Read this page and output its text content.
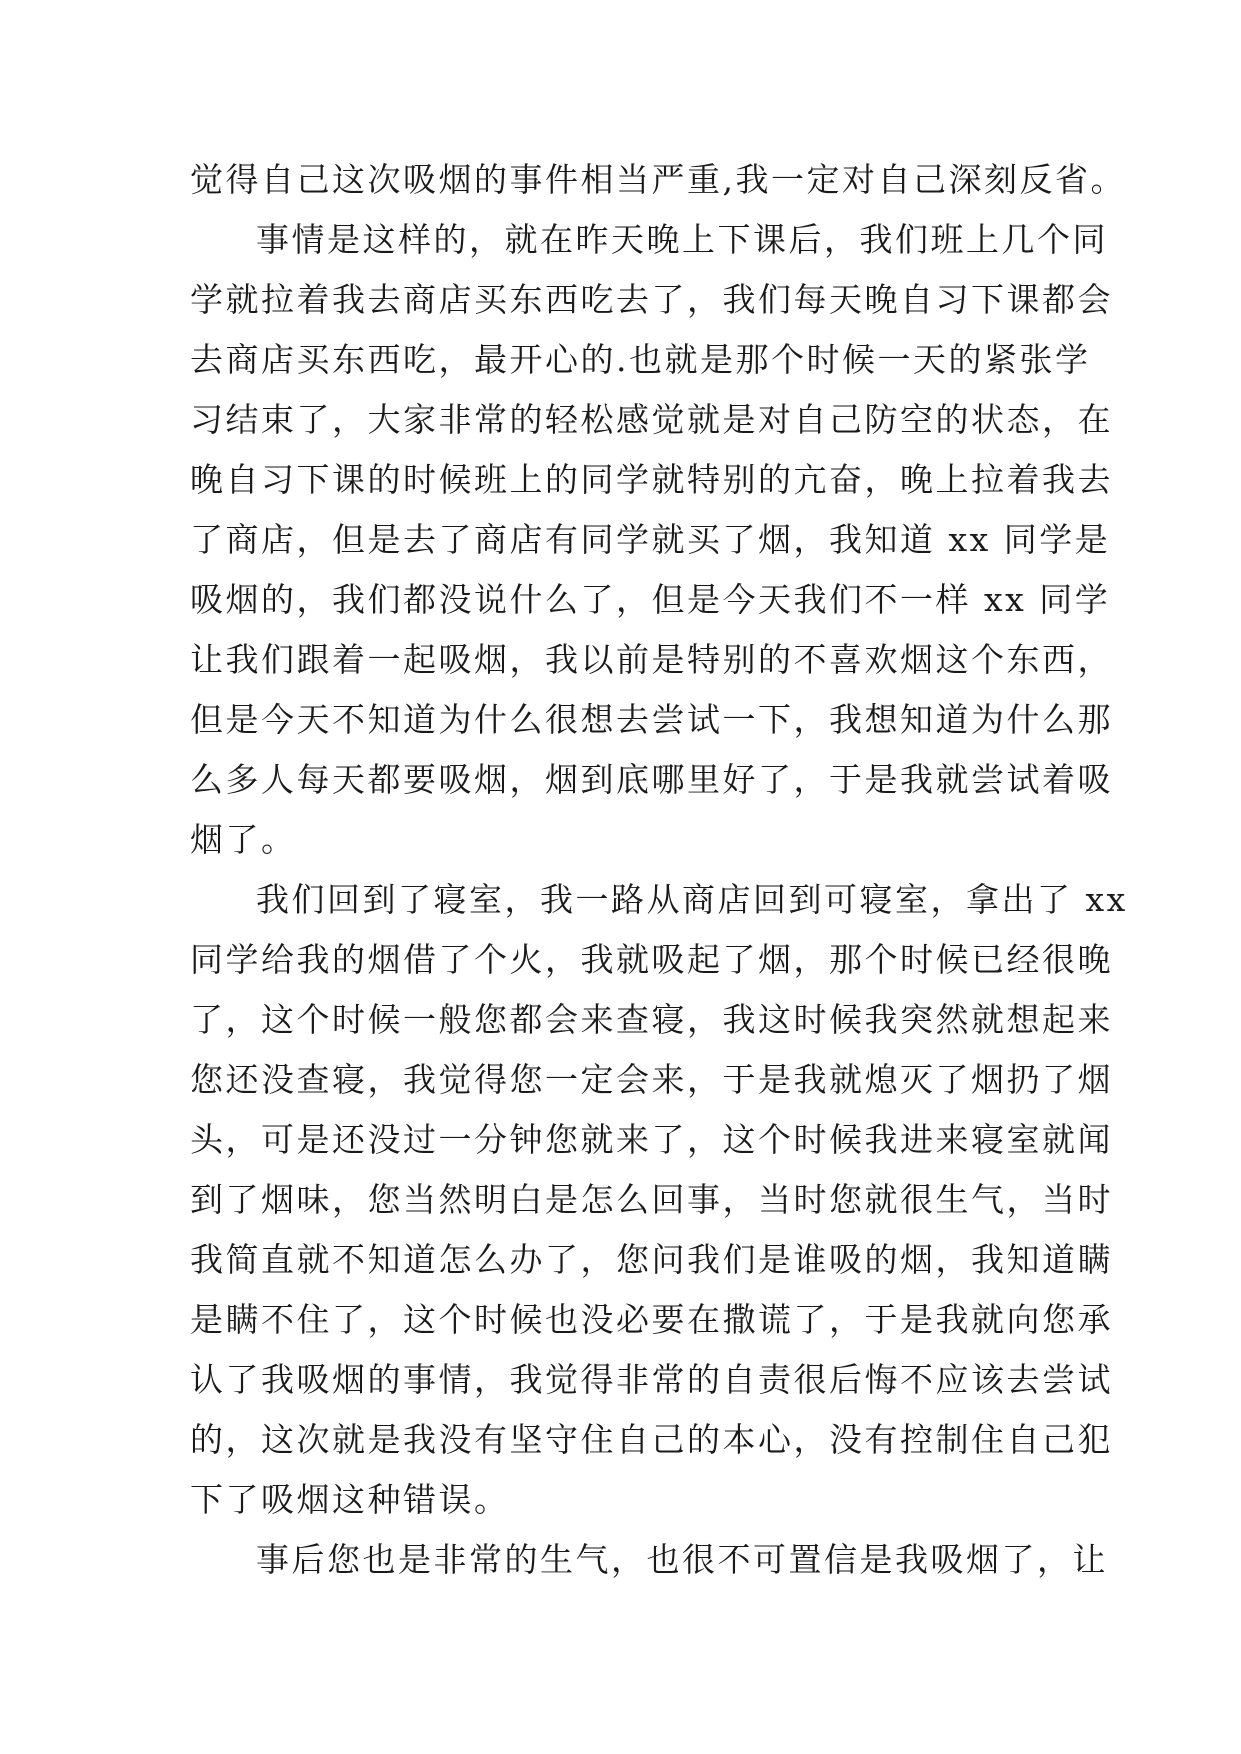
觉得自己这次吸烟的事件相当严重,我一定对自己深刻反省。
事情是这样的，就在昨天晚上下课后，我们班上几个同
学就拉着我去商店买东西吃去了，我们每天晚自习下课都会
去商店买东西吃，最开心的.也就是那个时候一天的紧张学
习结束了，大家非常的轻松感觉就是对自己防空的状态，在
晚自习下课的时候班上的同学就特别的亢奋，晚上拉着我去
了商店，但是去了商店有同学就买了烟，我知道 xx 同学是
吸烟的，我们都没说什么了，但是今天我们不一样 xx 同学
让我们跟着一起吸烟，我以前是特别的不喜欢烟这个东西，
但是今天不知道为什么很想去尝试一下，我想知道为什么那
么多人每天都要吸烟，烟到底哪里好了，于是我就尝试着吸
烟了。
我们回到了寝室，我一路从商店回到可寝室，拿出了 xx
同学给我的烟借了个火，我就吸起了烟，那个时候已经很晚
了，这个时候一般您都会来查寝，我这时候我突然就想起来
您还没查寝，我觉得您一定会来，于是我就熄灭了烟扔了烟
头，可是还没过一分钟您就来了，这个时候我进来寝室就闻
到了烟味，您当然明白是怎么回事，当时您就很生气，当时
我简直就不知道怎么办了，您问我们是谁吸的烟，我知道瞒
是瞒不住了，这个时候也没必要在撒谎了，于是我就向您承
认了我吸烟的事情，我觉得非常的自责很后悔不应该去尝试
的，这次就是我没有坚守住自己的本心，没有控制住自己犯
下了吸烟这种错误。
事后您也是非常的生气，也很不可置信是我吸烟了，让
